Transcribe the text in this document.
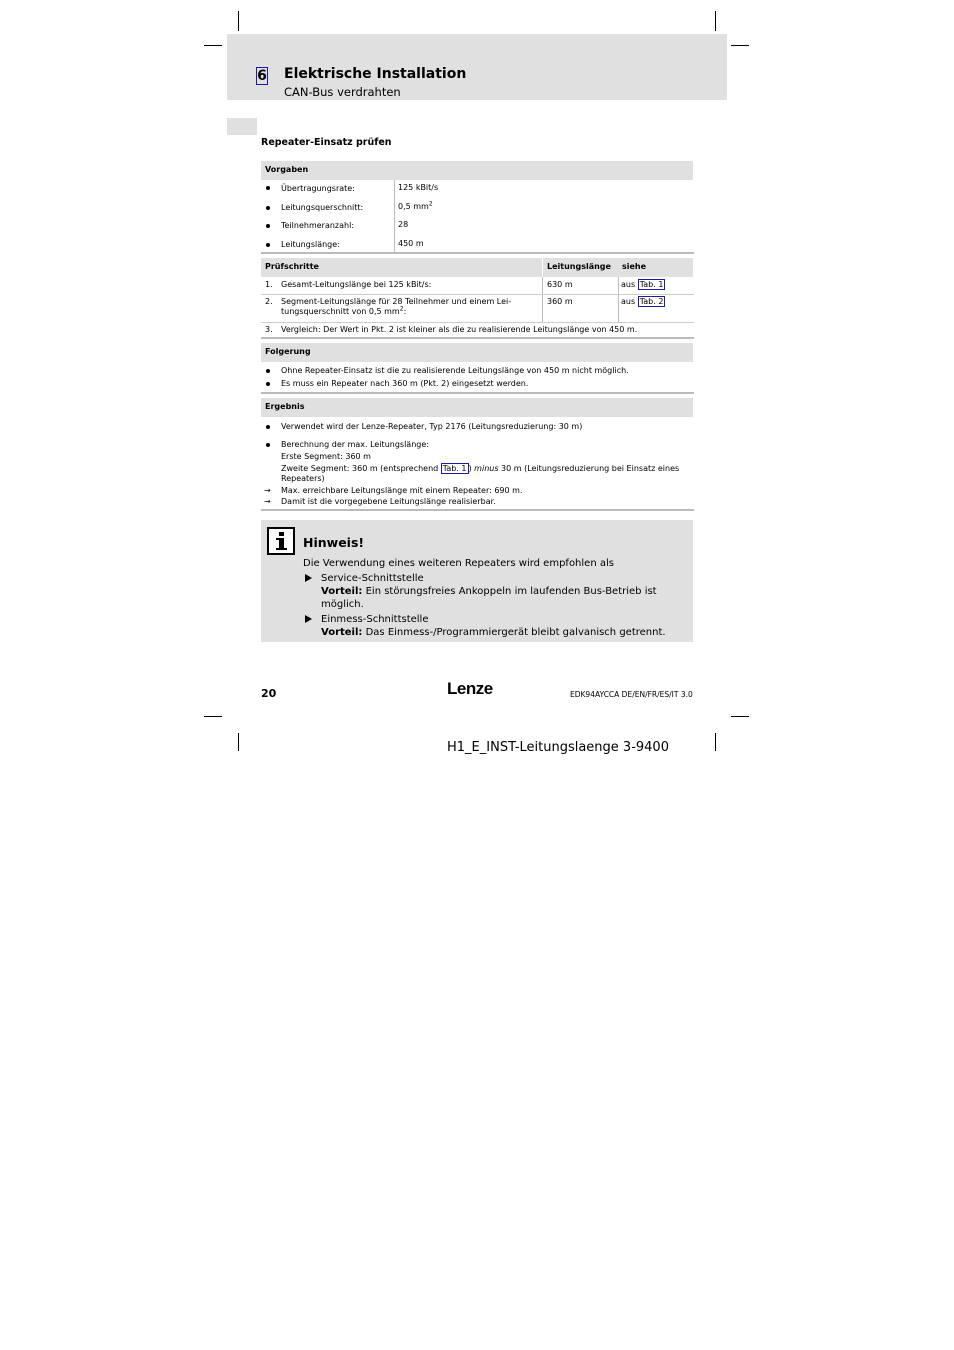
6 Elektrische Installation
CAN-Bus verdrahten
Repeater-Einsatz prüfen
Vorgaben
Übertragungsrate:	125 kBit/s
Leitungsquerschnitt:	0,5 $mm^2$
Teilnehmeranzahl:	28
Leitungslänge:	450 m
Prüfschritte	Leitungslänge	siehe
1. Gesamt-Leitungslänge bei 125 kBit/s:	630 m	aus Tab. 1
2. Segment-Leitungslänge für 28 Teilnehmer und einem Lei-
tungsquerschnitt von 0,5 $mm^2$:
360 m	aus Tab. 2
3. Vergleich: Der Wert in Pkt. 2 ist kleiner als die zu realisierende Leitungslänge von 450 m.
Folgerung
Ohne Repeater-Einsatz ist die zu realisierende Leitungslänge von 450 m nicht möglich.
Es muss ein Repeater nach 360 m (Pkt. 2) eingesetzt werden.
Ergebnis
Verwendet wird der Lenze-Repeater, Typ 2176 (Leitungsreduzierung: 30 m)
Berechnung der max. Leitungslänge:
Erste Segment: 360 m
Zweite Segment: 360 m (entsprechend Tab. 1 ) minus 30 m (Leitungsreduzierung bei Einsatz eines
Repeaters)
→ Max. erreichbare Leitungslänge mit einem Repeater: 690 m.
→ Damit ist die vorgegebene Leitungslänge realisierbar.
Hinweis!
Die Verwendung eines weiteren Repeaters wird empfohlen als
Service-Schnittstelle
Vorteil: Ein störungsfreies Ankoppeln im laufenden Bus-Betrieb ist
möglich.
Einmess-Schnittstelle
Vorteil: Das Einmess-/Programmiergerät bleibt galvanisch getrennt.
20	Lenze	EDK94AYCCA DE/EN/FR/ES/IT 3.0
H1_E_INST-Leitungslaenge 3-9400
